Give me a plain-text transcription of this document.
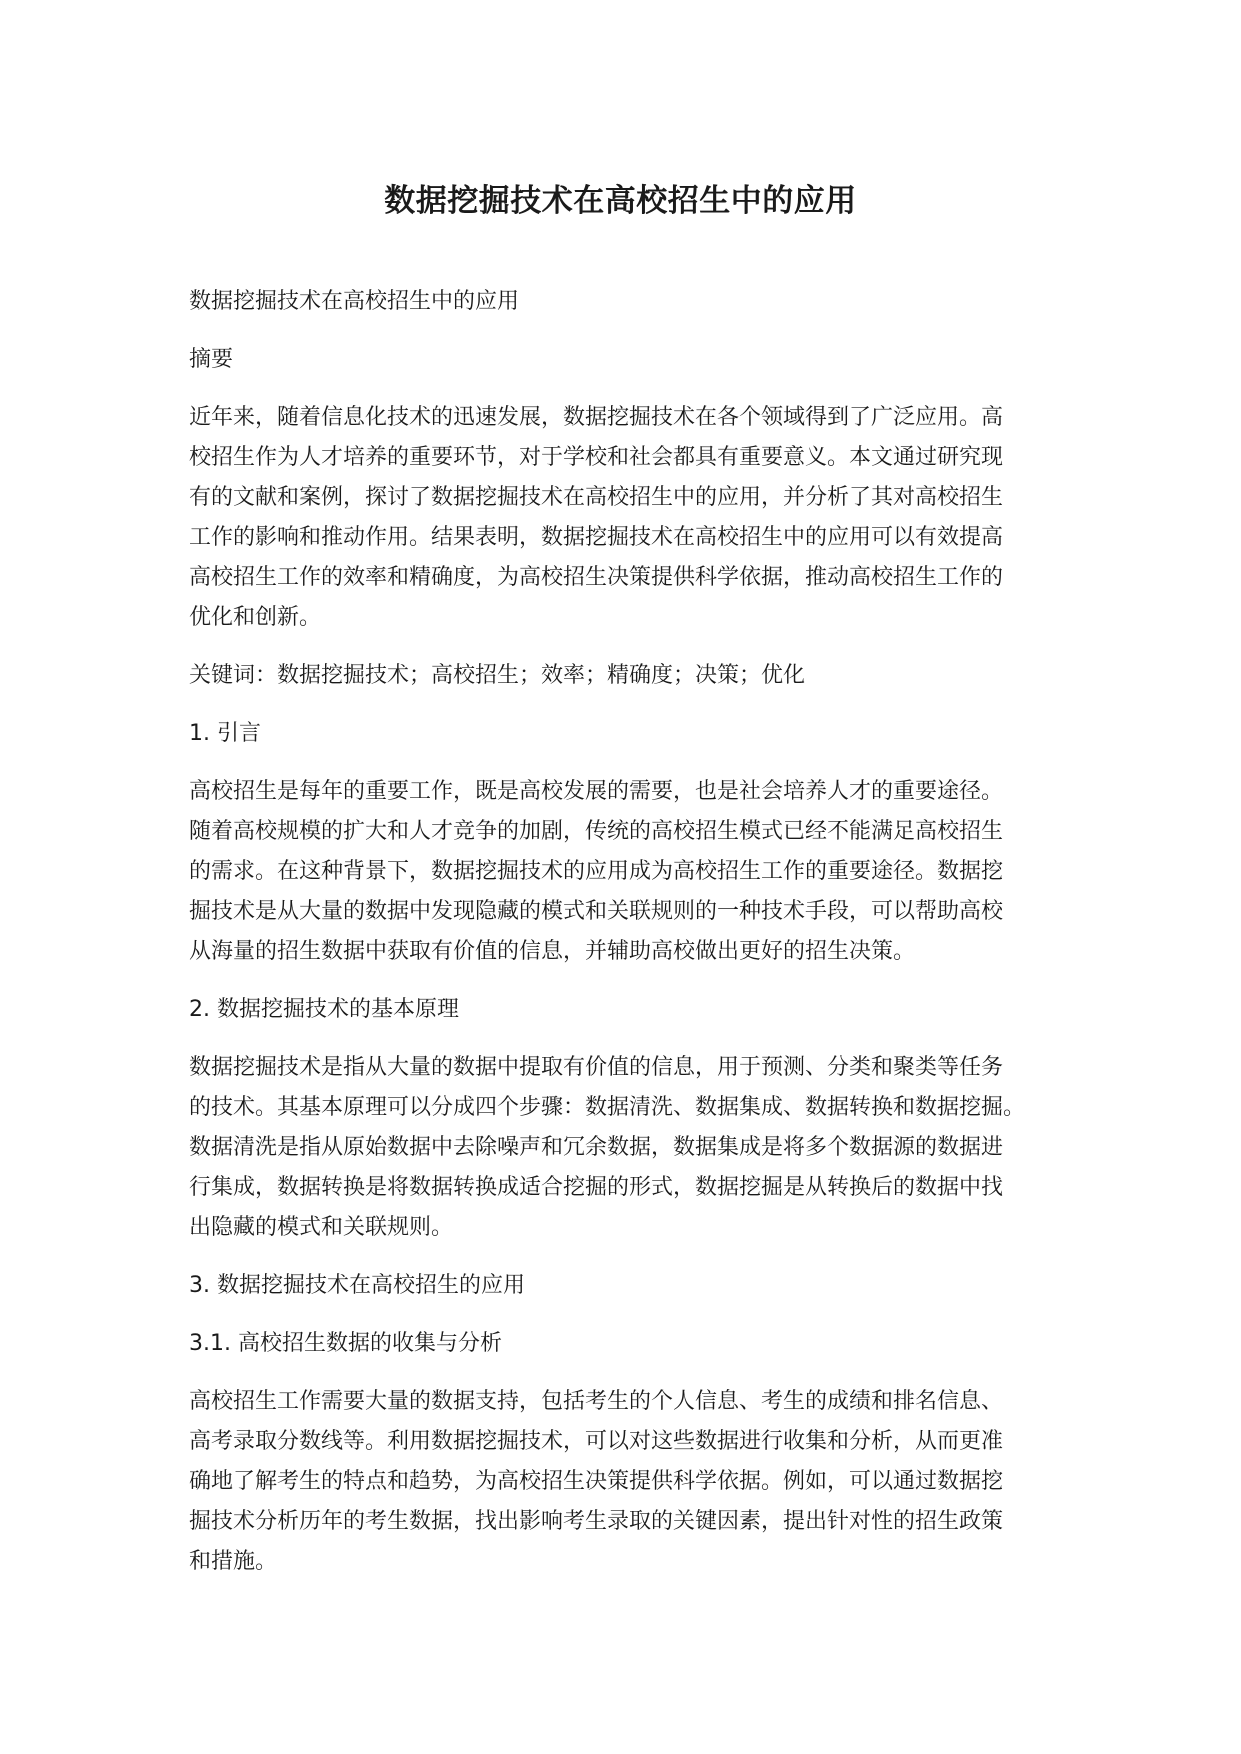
数据挖掘技术在高校招生中的应用

数据挖掘技术在高校招生中的应用

摘要

近年来，随着信息化技术的迅速发展，数据挖掘技术在各个领域得到了广泛应用。高
校招生作为人才培养的重要环节，对于学校和社会都具有重要意义。本文通过研究现
有的文献和案例，探讨了数据挖掘技术在高校招生中的应用，并分析了其对高校招生
工作的影响和推动作用。结果表明，数据挖掘技术在高校招生中的应用可以有效提高
高校招生工作的效率和精确度，为高校招生决策提供科学依据，推动高校招生工作的
优化和创新。

关键词：数据挖掘技术；高校招生；效率；精确度；决策；优化

1. 引言

高校招生是每年的重要工作，既是高校发展的需要，也是社会培养人才的重要途径。
随着高校规模的扩大和人才竞争的加剧，传统的高校招生模式已经不能满足高校招生
的需求。在这种背景下，数据挖掘技术的应用成为高校招生工作的重要途径。数据挖
掘技术是从大量的数据中发现隐藏的模式和关联规则的一种技术手段，可以帮助高校
从海量的招生数据中获取有价值的信息，并辅助高校做出更好的招生决策。

2. 数据挖掘技术的基本原理

数据挖掘技术是指从大量的数据中提取有价值的信息，用于预测、分类和聚类等任务
的技术。其基本原理可以分成四个步骤：数据清洗、数据集成、数据转换和数据挖掘。
数据清洗是指从原始数据中去除噪声和冗余数据，数据集成是将多个数据源的数据进
行集成，数据转换是将数据转换成适合挖掘的形式，数据挖掘是从转换后的数据中找
出隐藏的模式和关联规则。

3. 数据挖掘技术在高校招生的应用

3.1. 高校招生数据的收集与分析

高校招生工作需要大量的数据支持，包括考生的个人信息、考生的成绩和排名信息、
高考录取分数线等。利用数据挖掘技术，可以对这些数据进行收集和分析，从而更准
确地了解考生的特点和趋势，为高校招生决策提供科学依据。例如，可以通过数据挖
掘技术分析历年的考生数据，找出影响考生录取的关键因素，提出针对性的招生政策
和措施。
